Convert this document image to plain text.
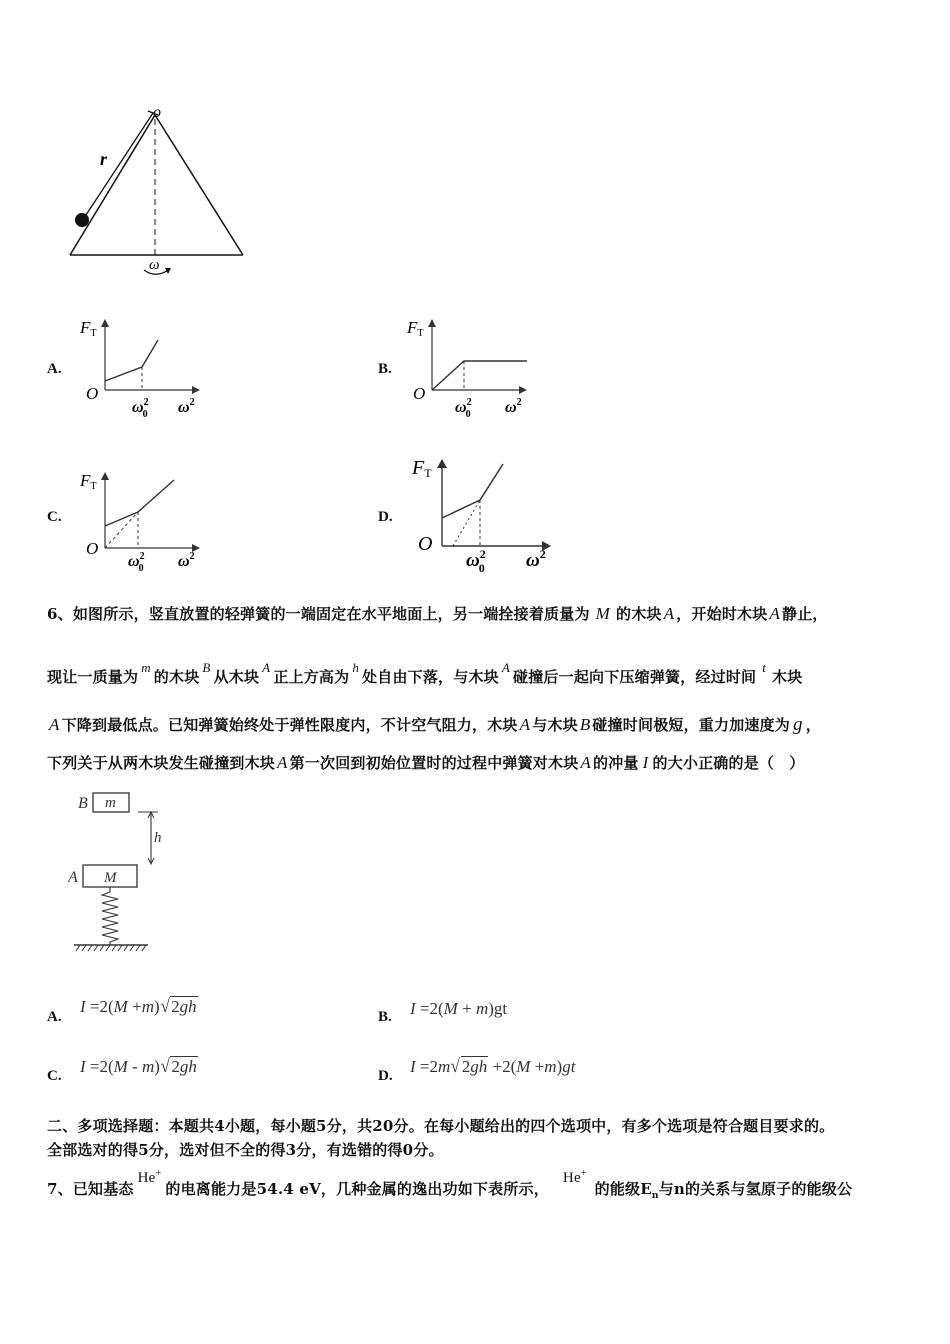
o
r
ω
A.
FT
O
$\omega^2$ 0 $\omega^2$
B.
FT
O
$\omega^2$ 0 $\omega^2$
C.
FT
O
$\omega^2$ 0 $\omega^2$
D.
FT
O
$\omega^2$ 0 $\omega^2$
6、如图所示，竖直放置的轻弹簧的一端固定在水平地面上，另一端拴接着质量为 M 的木块 A ，开始时木块 A 静止，
现让一质量为m的木块B从木块A正上方高为h处自由下落，与木块A碰撞后一起向下压缩弹簧，经过时间t木块
A 下降到最低点。已知弹簧始终处于弹性限度内，不计空气阻力，木块 A 与木块 B 碰撞时间极短，重力加速度为 g ，
下列关于从两木块发生碰撞到木块 A 第一次回到初始位置时的过程中弹簧对木块 A 的冲量 I 的大小正确的是（　）
B m
h
A M
A.
I =2(M +m)√2gh
B. I =2(M + m)gt
C. I =2(M - m)√2gh	D. I =2m√2gh +2(M +m)gt
二、多项选择题：本题共4小题，每小题5分，共20分。在每小题给出的四个选项中，有多个选项是符合题目要求的。
全部选对的得5分，选对但不全的得3分，有选错的得0分。
7、已知基态He+的电离能力是54.4 eV，几种金属的逸出功如下表所示，He+的能级$E_n$与n的关系与氢原子的能级公
